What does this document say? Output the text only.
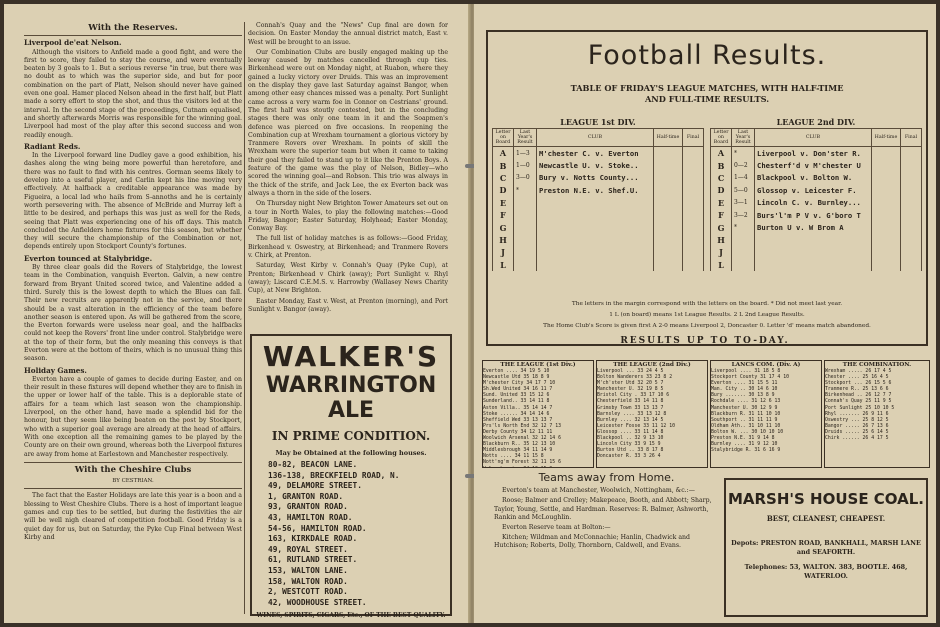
With the Reserves.
Liverpool de'eat Nelson.

Although the visitors to Anfield made a good fight, and were the first to score, they failed to stay the course, and were eventually beaten by 3 goals to 1. But a serious reverse "in true, but there was no doubt as to which was the superior side, and but for poor combination on the part of Platt, Nelson should never have gained even one goal. Hamer placed Nelson ahead in the first half, but Platt made a sorry effort to stop the shot, and thus the visitors led at the interval. In the second stage of the proceedings, Cutnam equalised, and shortly afterwards Morris was responsible for the winning goal. Liverpool had most of the play after this second success and won readily enough.

Radiant Reds.

In the Liverpool forward line Dudley gave a good exhibition, his dashes along the wing being more powerful than heretofore, and there was no fault to find with his centres. Gorman seems likely to develop into a useful player, and Carlin kept his line moving very effectively. At halfback a creditable appearance was made by Figueira, a local lad who hails from S-annoths and he is certainly worth persevering with. The absence of McBride and Murray left a little to be desired, and perhaps this was just as well for the Reds, seeing that Platt was experiencing one of his off days. This match concluded the Anfielders home fixtures for this season, but whether they will secure the championship of the Combination or not, depends entirely upon Stockport County's fortunes.

Everton tounced at Stalybridge.

By three clear goals did the Rovers of Stalybridge, the lowest team in the Combination, vanquish Everton. Galvin, a new centre forward from Bryant United scored twice, and Valentine added a third. Surely this is the lowest depth to which the Blues can fall. Their new recruits are apparently not in the service, and there should be a vast alteration in the efficiency of the team before another season is entered upon. As will be gathered from the score, the Everton forwards were useless near goal, and the halfbacks could not keep the Rovers' front line under control. Stalybridge were at the top of their form, but the only meaning this conveys is that Everton were at the bottom of theirs, which is no unusual thing this season.

Holiday Games.

Everton have a couple of games to decide during Easter, and on their result in these fixtures will depend whether they are to finish in the upper or lower half of the table. This is a deplorable state of affairs for a team which last season won the championship. Liverpool, on the other hand, have made a splendid bid for the honour, but they seem like being beaten on the post by Stockport, who with a superior goal average are already at the head of affairs. With one exception all the remaining games to be played by the County are on their own ground, whereas both the Liverpool fixtures are away from home at Earlestown and Manchester respectively.

With the Cheshire Clubs
BY CESTRIAN.

The fact that the Easter Holidays are late this year is a boon and a blessing to West Cheshire Clubs. There is a host of important league games and cup ties to be settled, but during the festivities the air will be well nigh cleared of competition football. Good Friday is a quiet day for us, but on Saturday, the Pyke Cup Final between West Kirby and

Connah's Quay and the "News" Cup final are down for decision. On Easter Monday the annual district match, East v. West will be brought to an issue.

Our Combination Clubs are busily engaged making up the leeway caused by matches cancelled through cup ties. Birkenhead were out on Monday night, at Ruabon, where they gained a lucky victory over Druids. This was an improvement on the display they gave last Saturday against Bangor, when among other easy chances missed was a penalty. Port Sunlight came across a very warm foe in Connor on Cestrians' ground. The first half was stoutly contested, but in the concluding stages there was only one team in it and the Soapmen's defence was pierced on five occasions. In reopening the Combination cup at Wrexham tournament a glorious victory by Tranmere Rovers over Wrexham. In points of skill the Wrexham were the superior team but when it came to taking their goal they failed to stand up to it like the Prenton Boys. A feature of the game was the play of Nelson, Bidley—who scored the winning goal—and Robson. This trio was always in the thick of the strife, and Jack Lee, the ex Everton back was always a thorn in the side of the losers.

On Thursday night New Brighton Tower Amateurs set out on a tour in North Wales, to play the following matches:—Good Friday, Bangor; Easter Saturday, Holyhead; Easter Monday, Conway Bay.

The full list of holiday matches is as follows:—Good Friday, Birkenhead v. Oswestry, at Birkenhead; and Tranmere Rovers v. Chirk, at Prenton.

Saturday, West Kirby v. Connah's Quay (Pyke Cup), at Prenton; Birkenhead v Chirk (away); Port Sunlight v. Rhyl (away); Liscard C.E.M.S. v. Harrowby (Wallasey News Charity Cup), at New Brighton.

Easter Monday, East v. West, at Prenton (morning), and Port Sunlight v. Bangor (away).

WALKER'S
WARRINGTON ALE
IN PRIME CONDITION.
May be Obtained at the following houses.
80-82, BEACON LANE.
136-138, BRECKFIELD ROAD, N.
49, DELAMORE STREET.
1, GRANTON ROAD.
93, GRANTON ROAD.
43, HAMILTON ROAD.
54-56, HAMILTON ROAD.
163, KIRKDALE ROAD.
49, ROYAL STREET.
61, RUTLAND STREET.
153, WALTON LANE.
158, WALTON ROAD.
2, WESTCOTT ROAD.
42, WOODHOUSE STREET.
WINES, SPIRITS, CIGARS, Etc., OF THE BEST QUALITY.
Football Results.
TABLE OF FRIDAY'S LEAGUE MATCHES, WITH HALF-TIME
AND FULL-TIME RESULTS.
LEAGUE 1st DIV.				
Letter on Board	Last Year's Result	CLUB	Half-time	Final
A	1—3	M'chester C. v. Everton		
B	1—0	Newcastle U. v. Stoke..		
C	3—0	Bury v. Notts County...		
D	*	Preston N.E. v. Shef.U.		
E				
F				
G				
H				
J				
L				
LEAGUE 2nd DIV.				
Letter on Board	Last Year's Result	CLUB	Half-time	Final
A	*	Liverpool v. Don'ster R.		
B	0—2	Chesterf'd v M'chester U		
C	1—4	Blackpool v. Bolton W.		
D	5—0	Glossop v. Leicester F.		
E	3—1	Lincoln C. v. Burnley...		
F	3—2	Burs'l'm P V v. G'boro T		
G	*	Burton U v. W Brom A		
H				
J				
L				
The letters in the margin correspond with the letters on the board. * Did not meet last year.
1 L (on board) means 1st League Results. 2 L 2nd League Results.
The Home Club's Score is given first A 2-0 means Liverpool 2, Doncaster 0. Letter 'd' means match abandoned.
RESULTS UP TO TO-DAY.
THE LEAGUE (1st Div.)
Everton .... 34 19 5 10
Newcastle Utd 35 18 8 9
M'chester City 34 17 7 10
Sh.Wed United 34 16 11 7
Sund. United 33 15 12 6
Sunderland.. 33 14 11 8
Aston Villa.. 35 14 14 7
Stoke ...... 34 14 14 6
Sheffield Wed 33 13 13 7
Prs'ls North End 32 12 7 13
Derby County 34 12 11 11
Woolwich Arsenal 32 12 14 6
Blackburn R.. 35 12 13 10
Middlesbrough 34 11 14 9
Notts .... 34 11 15 8
Nott'ng'm Forest 32 11 15 6
THE LEAGUE (2nd Div.)
Liverpool ... 33 24 4 5
Bolton Wanderers 33 23 8 2
M'ch'ster Utd 32 20 5 7
Manchester U. 32 19 8 5
Bristol City . 33 17 10 6
Chesterfield 33 14 11 8
Grimsby Town 33 13 13 7
Barnsley .... 33 13 12 8
Burnley .... 32 13 14 5
Leicester Fosse 33 11 12 10
Glossop .... 33 11 14 8
Blackpool .. 32 9 13 10
Lincoln City 33 9 15 9
Burton Utd .. 33 8 17 8
Doncaster R. 33 3 26 4
LANCS COM. (Div. A)
Liverpool .... 31 18 5 8
Stockport County 31 17 4 10
Everton .... 31 15 5 11
Man. City .. 30 14 6 10
Bury ....... 30 13 8 9
Rochdale .... 31 12 6 13
Manchester U. 30 12 9 9
Blackburn R. 31 11 10 10
Southport .. 31 11 11 9
Oldham Ath.. 31 10 11 10
Bolton W. ... 30 10 10 10
Preston N.E. 31 9 14 8
Burnley .... 31 9 12 10
Stalybridge R. 31 6 16 9
THE COMBINATION.
Wrexham ..... 26 17 4 5
Chester .... 25 16 4 5
Stockport ... 26 15 5 6
Tranmere R.. 25 13 6 6
Birkenhead .. 26 12 7 7
Connah's Quay 25 11 9 5
Port Sunlight 25 10 10 5
Rhyl ....... 26 9 11 6
Oswestry ... 25 8 12 5
Bangor ..... 26 7 13 6
Druids ..... 25 6 14 5
Chirk ...... 26 4 17 5
Teams away from Home.

Everton's team at Manchester, Woolwich, Nottingham, &c.:—

Roose; Balmer and Crelley; Makepeace, Booth, and Abbott; Sharp, Taylor, Young, Settle, and Hardman. Reserves: R. Balmer, Ashworth, Rankin and McLoughlin.

Everton Reserve team at Bolton:—

Kitchen; Wildman and McConnachie; Hanlin, Chadwick and Hutchison; Roberts, Dolly, Thornborn, Caldwell, and Evans.

MARSH'S HOUSE COAL.
BEST, CLEANEST, CHEAPEST.
Depots: PRESTON ROAD, BANKHALL, MARSH LANE and SEAFORTH.
Telephones: 53, WALTON. 383, BOOTLE. 468, WATERLOO.
